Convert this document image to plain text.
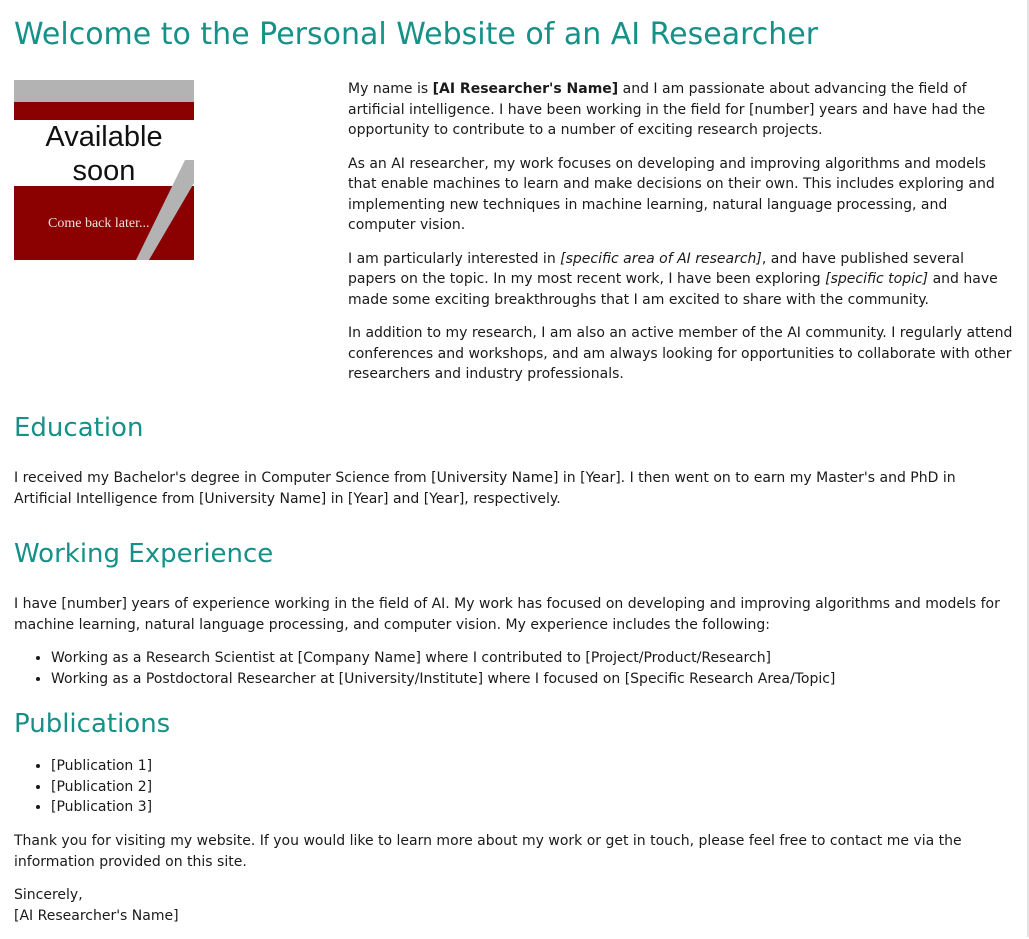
Welcome to the Personal Website of an AI Researcher
Available
soon
Come back later...

My name is [AI Researcher's Name] and I am passionate about advancing the field of artificial intelligence. I have been working in the field for [number] years and have had the opportunity to contribute to a number of exciting research projects.

As an AI researcher, my work focuses on developing and improving algorithms and models that enable machines to learn and make decisions on their own. This includes exploring and implementing new techniques in machine learning, natural language processing, and computer vision.

I am particularly interested in [specific area of AI research], and have published several papers on the topic. In my most recent work, I have been exploring [specific topic] and have made some exciting breakthroughs that I am excited to share with the community.

In addition to my research, I am also an active member of the AI community. I regularly attend conferences and workshops, and am always looking for opportunities to collaborate with other researchers and industry professionals.

Education

I received my Bachelor's degree in Computer Science from [University Name] in [Year]. I then went on to earn my Master's and PhD in Artificial Intelligence from [University Name] in [Year] and [Year], respectively.

Working Experience

I have [number] years of experience working in the field of AI. My work has focused on developing and improving algorithms and models for machine learning, natural language processing, and computer vision. My experience includes the following:

• Working as a Research Scientist at [Company Name] where I contributed to [Project/Product/Research]
• Working as a Postdoctoral Researcher at [University/Institute] where I focused on [Specific Research Area/Topic]
Publications
• [Publication 1]
• [Publication 2]
• [Publication 3]

Thank you for visiting my website. If you would like to learn more about my work or get in touch, please feel free to contact me via the information provided on this site.

Sincerely,
[AI Researcher's Name]
